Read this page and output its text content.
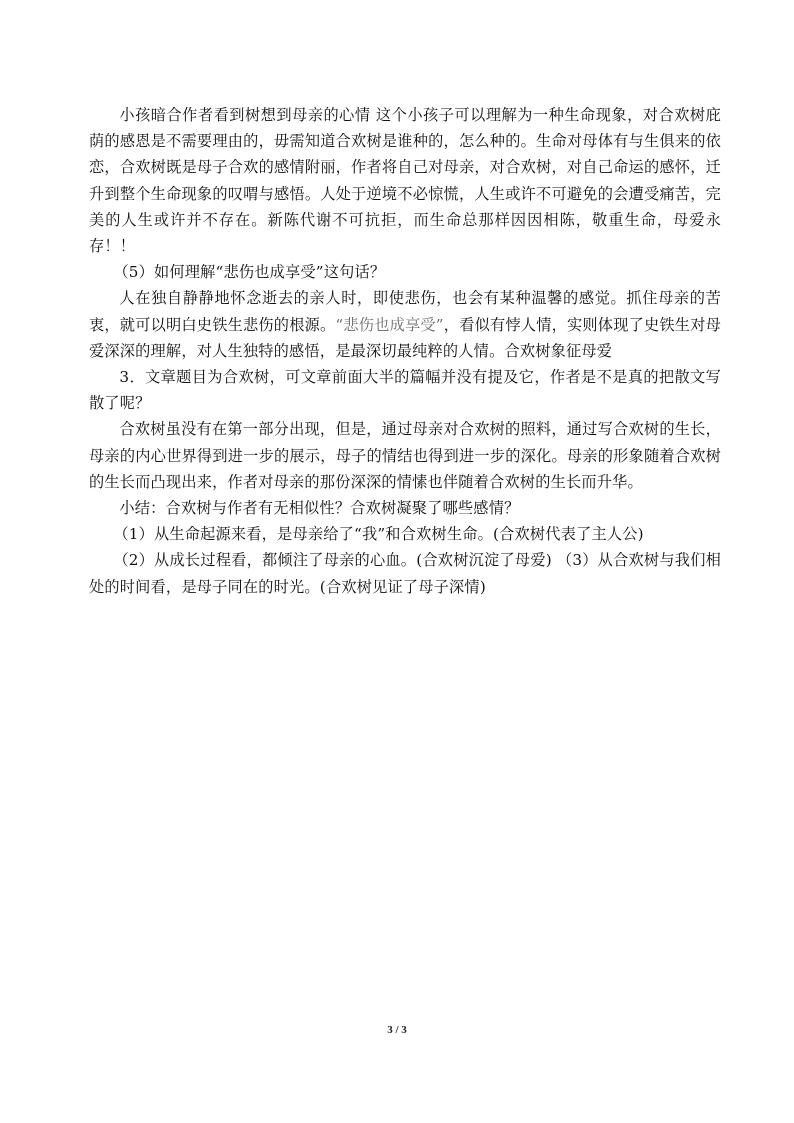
小孩暗合作者看到树想到母亲的心情 这个小孩子可以理解为一种生命现象，对合欢树庇荫的感恩是不需要理由的，毋需知道合欢树是谁种的，怎么种的。生命对母体有与生俱来的依恋，合欢树既是母子合欢的感情附丽，作者将自己对母亲，对合欢树，对自己命运的感怀，迁升到整个生命现象的叹喟与感悟。人处于逆境不必惊慌，人生或许不可避免的会遭受痛苦，完美的人生或许并不存在。新陈代谢不可抗拒，而生命总那样因因相陈，敬重生命，母爱永存！！

（5）如何理解“悲伤也成享受”这句话？

人在独自静静地怀念逝去的亲人时，即使悲伤，也会有某种温馨的感觉。抓住母亲的苦衷，就可以明白史铁生悲伤的根源。“悲伤也成享受”，看似有悖人情，实则体现了史铁生对母爱深深的理解，对人生独特的感悟，是最深切最纯粹的人情。合欢树象征母爱

3．文章题目为合欢树，可文章前面大半的篇幅并没有提及它，作者是不是真的把散文写散了呢？

合欢树虽没有在第一部分出现，但是，通过母亲对合欢树的照料，通过写合欢树的生长，母亲的内心世界得到进一步的展示，母子的情结也得到进一步的深化。母亲的形象随着合欢树的生长而凸现出来，作者对母亲的那份深深的情愫也伴随着合欢树的生长而升华。

小结：合欢树与作者有无相似性？合欢树凝聚了哪些感情？

（1）从生命起源来看，是母亲给了“我”和合欢树生命。(合欢树代表了主人公)

（2）从成长过程看，都倾注了母亲的心血。(合欢树沉淀了母爱) （3）从合欢树与我们相处的时间看，是母子同在的时光。(合欢树见证了母子深情)

3 / 3
